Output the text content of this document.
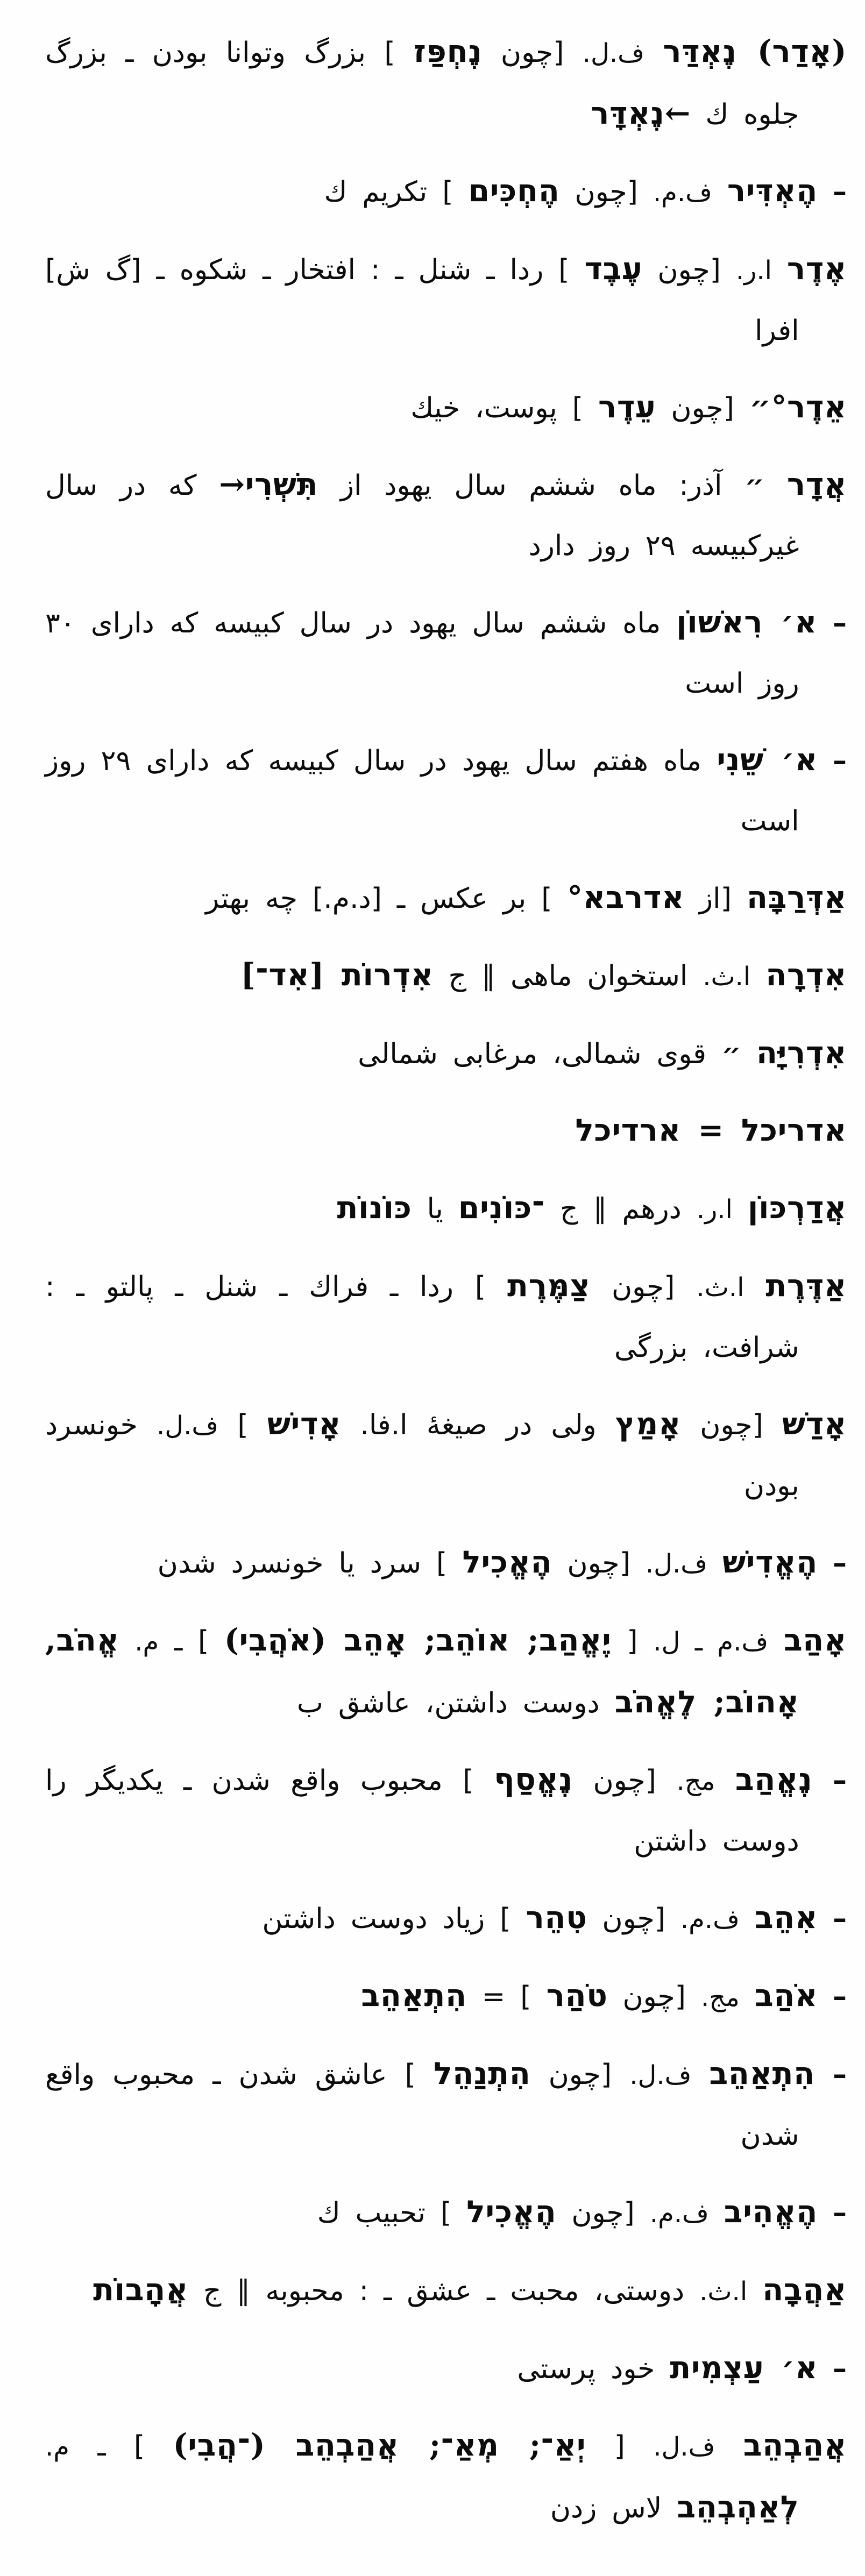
(אָדַר) נֶאְדַּר ف.ل. [چون נֶחְפַּז ] بزرگ وتوانا بودن ـ بزرگ جلوه ك ←נֶאְדָּר

– הֶאְדִּיר ف.م. [چون הֶחְכִּים ] تكريم ك

אֶדֶר ا.ر. [چون עֶבֶד ] ردا ـ شنل ـ : افتخار ـ شكوه ـ [گ ش] افرا

אֵדֶר°״ [چون עֵדֶר ] پوست، خيك

אֲדָר ״ آذر: ماه ششم سال يهود از תִּשְׁרִי→ كه در سال غيركبيسه ٢٩ روز دارد

– א׳ רִאשׁוֹן ماه ششم سال يهود در سال كبيسه كه داراى ٣٠ روز است

– א׳ שֵׁנִי ماه هفتم سال يهود در سال كبيسه كه داراى ٢٩ روز است

אַדְּרַבָּה [از אדרבא° ] بر عكس ـ [د.م.] چه بهتر

אִדְרָה ا.ث. استخوان ماهى ∥ ج אִדְרוֹת [אִד־]

אִדְרִיָּה ״ قوى شمالى، مرغابى شمالى

אדריכל = ארדיכל

אֲדַרְכּוֹן ا.ر. درهم ∥ ج ־כּוֹנִים يا כּוֹנוֹת

אַדֶּרֶת ا.ث. [چون צַמֶּרֶת ] ردا ـ فراك ـ شنل ـ پالتو ـ : شرافت، بزرگى

אָדַשׁ [چون אָמַץ ولى در صيغهٔ ا.فا. אָדִישׁ ] ف.ل. خونسرد بودن

– הֶאֱדִישׁ ف.ل. [چون הֶאֱכִיל ] سرد يا خونسرد شدن

אָהַב ف.م ـ ل. [ יֶאֱהַב; אוֹהֵב; אָהֵב (אֹהֲבִי) ] ـ م. אֱהֹב, אָהוֹב; לֶאֱהֹב دوست داشتن، عاشق ب

– נֶאֱהַב مج. [چون נֶאֱסַף ] محبوب واقع شدن ـ يكديگر را دوست داشتن

– אִהֵב ف.م. [چون טִהֵר ] زياد دوست داشتن

– אֹהַב مج. [چون טֹהַר ] = הִתְאַהֵב

– הִתְאַהֵב ف.ل. [چون הִתְנַהֵל ] عاشق شدن ـ محبوب واقع شدن

– הֶאֱהִיב ف.م. [چون הֶאֱכִיל ] تحبيب ك

אַהֲבָה ا.ث. دوستى، محبت ـ عشق ـ : محبوبه ∥ ج אֲהָבוֹת

– א׳ עַצְמִית خود پرستى

אֲהַבְהֵב ف.ل. [ יְאַ־; מְאַ־; אֲהַבְהֵב (־הֲבִי) ] ـ م. לְאַהְבְהֵב لاس زدن
